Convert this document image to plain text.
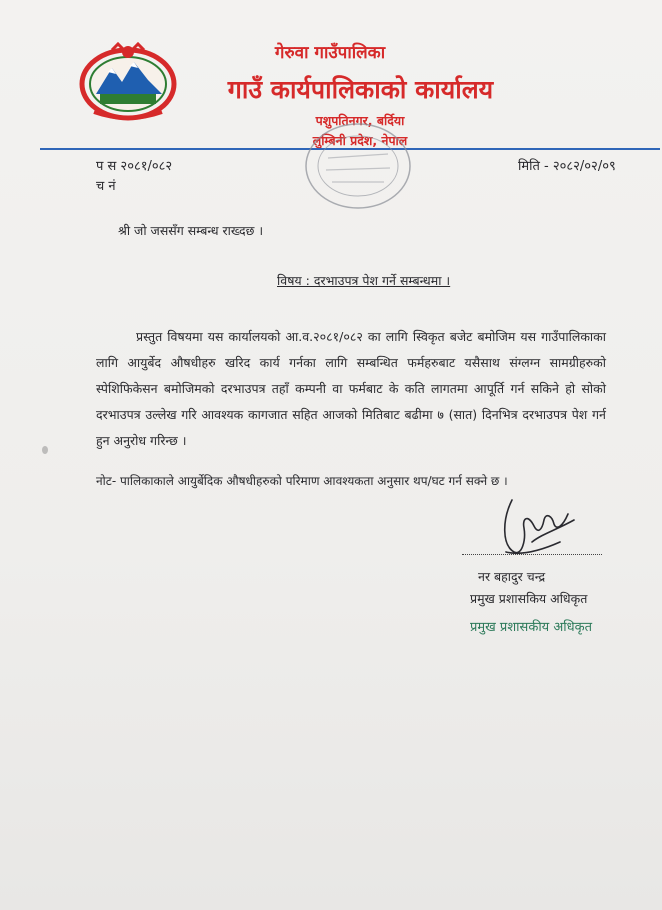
गेरुवा गाउँपालिका
गाउँ कार्यपालिकाको कार्यालय
पशुपतिनगर, बर्दिया
लुम्बिनी प्रदेश, नेपाल
प स २०८१/०८२
च नं
मिति - २०८२/०२/०९
श्री जो जससँग सम्बन्ध राख्दछ ।
विषय : दरभाउपत्र पेश गर्ने सम्बन्धमा ।
प्रस्तुत विषयमा यस कार्यालयको आ.व.२०८१/०८२ का लागि स्विकृत बजेट बमोजिम यस गाउँपालिकाका लागि आयुर्बेद औषधीहरु खरिद कार्य गर्नका लागि सम्बन्धित फर्महरुबाट यसैसाथ संग्लग्न सामग्रीहरुको स्पेशिफिकेसन बमोजिमको दरभाउपत्र तहाँ कम्पनी वा फर्मबाट के कति लागतमा आपूर्ति गर्न सकिने हो सोको दरभाउपत्र उल्लेख गरि आवश्यक कागजात सहित आजको मितिबाट बढीमा ७ (सात) दिनभित्र दरभाउपत्र पेश गर्न हुन अनुरोध गरिन्छ ।
नोट- पालिकाकाले आयुर्बेदिक औषधीहरुको परिमाण आवश्यकता अनुसार थप/घट गर्न सक्ने छ ।
नर बहादुर चन्द्र
प्रमुख प्रशासकिय अधिकृत
प्रमुख प्रशासकीय अधिकृत
